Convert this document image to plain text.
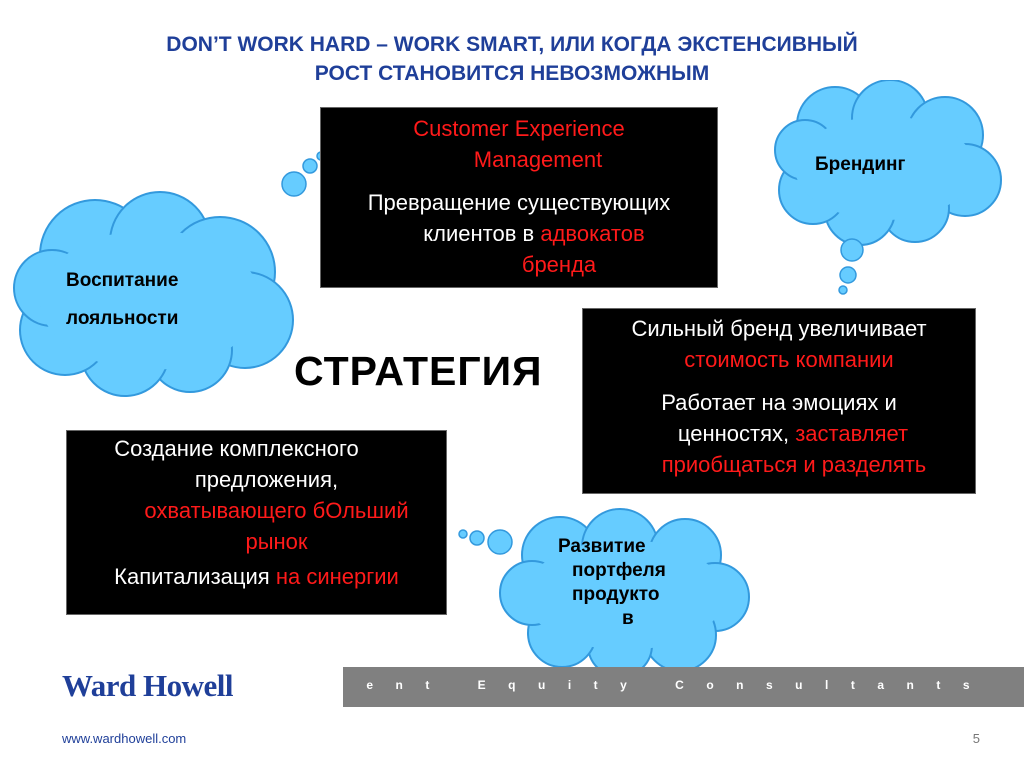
DON’T WORK HARD – WORK SMART, ИЛИ КОГДА ЭКСТЕНСИВНЫЙ
РОСТ СТАНОВИТСЯ НЕВОЗМОЖНЫМ
Воспитание
лояльности
Брендинг
Развитие
портфеля
продукто
в
Customer Experience
Management
Превращение существующих
клиентов в адвокатов
бренда
Сильный бренд увеличивает
стоимость компании
Работает на эмоциях и
ценностях, заставляет
приобщаться и разделять
Создание комплексного
предложения,
охватывающего бОльший
рынок
Капитализация на синергии
СТРАТЕГИЯ
Ward Howell	Talent Equity Consultants
www.wardhowell.com	5
